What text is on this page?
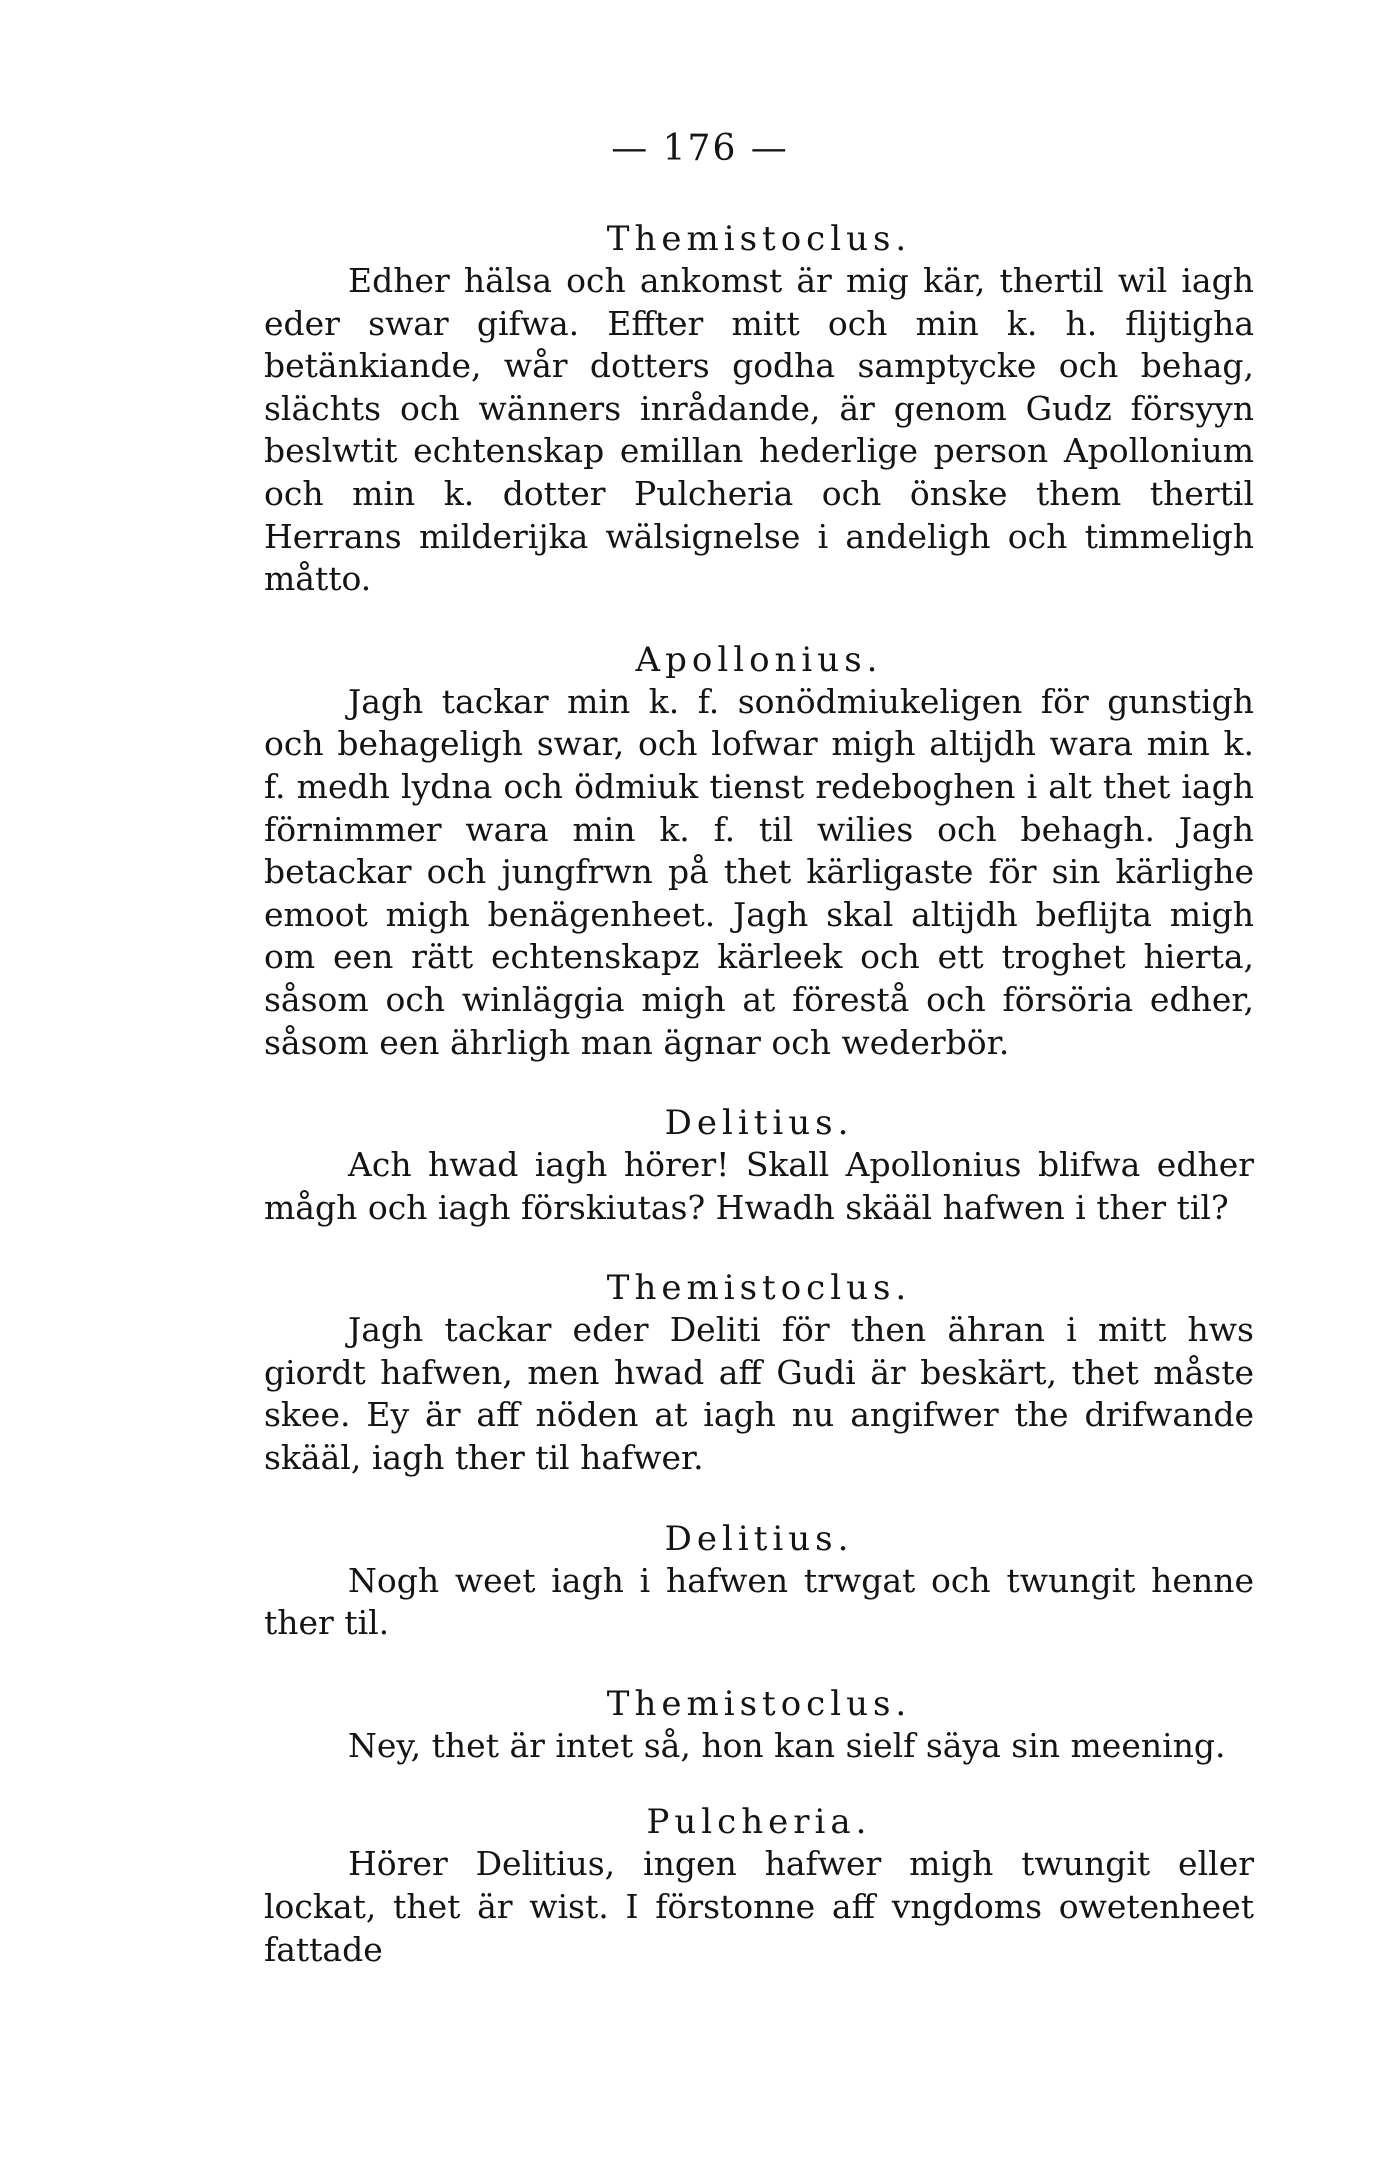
— 176 —

Themistoclus.

Edher hälsa och ankomst är mig kär, thertil wil iagh eder swar gifwa. Effter mitt och min k. h. flijtigha betänkiande, wår dotters godha samptycke och behag, slächts och wänners inrådande, är genom Gudz försyyn beslwtit echtenskap emillan hederlige person Apollonium och min k. dotter Pulcheria och önske them thertil Herrans milderijka wälsignelse i andeligh och timmeligh måtto.

Apollonius.

Jagh tackar min k. f. sonödmiukeligen för gunstigh och behageligh swar, och lofwar migh altijdh wara min k. f. medh lydna och ödmiuk tienst redeboghen i alt thet iagh förnimmer wara min k. f. til wilies och behagh. Jagh betackar och jungfrwn på thet kärligaste för sin kärlighe emoot migh benägenheet. Jagh skal altijdh beflijta migh om een rätt echtenskapz kärleek och ett troghet hierta, såsom och winläggia migh at förestå och försöria edher, såsom een ährligh man ägnar och wederbör.

Delitius.

Ach hwad iagh hörer! Skall Apollonius blifwa edher mågh och iagh förskiutas? Hwadh skääl hafwen i ther til?

Themistoclus.

Jagh tackar eder Deliti för then ähran i mitt hws giordt hafwen, men hwad aff Gudi är beskärt, thet måste skee. Ey är aff nöden at iagh nu angifwer the drifwande skääl, iagh ther til hafwer.

Delitius.

Nogh weet iagh i hafwen trwgat och twungit henne ther til.

Themistoclus.

Ney, thet är intet så, hon kan sielf säya sin meening.

Pulcheria.

Hörer Delitius, ingen hafwer migh twungit eller lockat, thet är wist. I förstonne aff vngdoms owetenheet fattade
